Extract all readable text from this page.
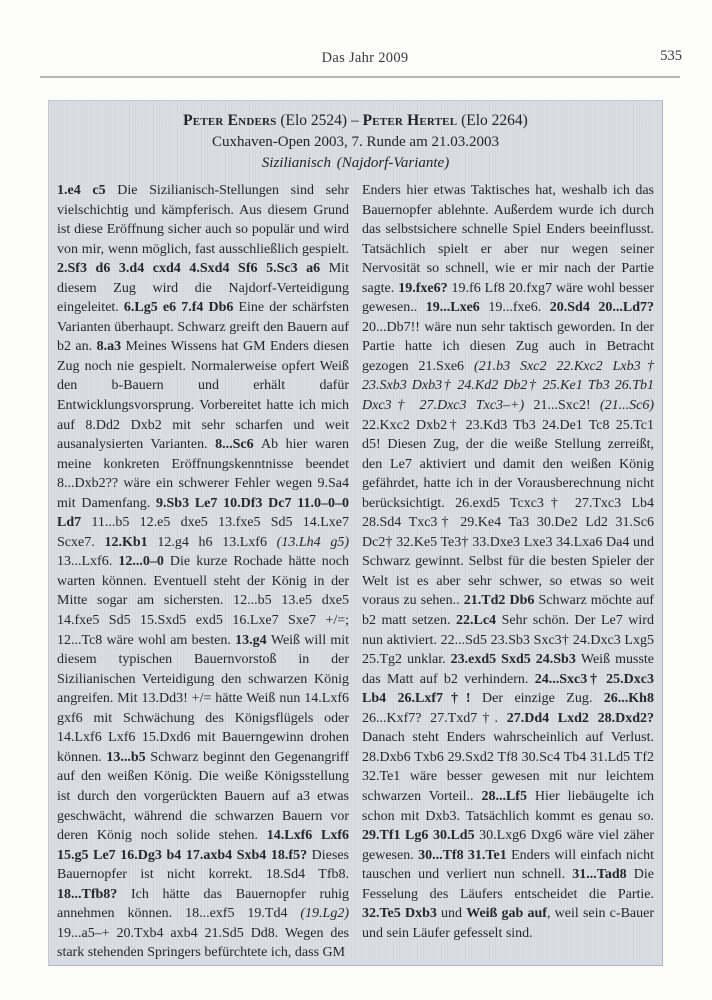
Das Jahr 2009	535
Peter Enders (Elo 2524) – Peter Hertel (Elo 2264)
Cuxhaven-Open 2003, 7. Runde am 21.03.2003
Sizilianisch (Najdorf-Variante)
1.e4 c5 Die Sizilianisch-Stellungen sind sehr vielschichtig und kämpferisch. Aus diesem Grund ist diese Eröffnung sicher auch so populär und wird von mir, wenn möglich, fast ausschließlich gespielt. 2.Sf3 d6 3.d4 cxd4 4.Sxd4 Sf6 5.Sc3 a6 Mit diesem Zug wird die Najdorf-Verteidigung eingeleitet. 6.Lg5 e6 7.f4 Db6 Eine der schärfsten Varianten überhaupt. Schwarz greift den Bauern auf b2 an. 8.a3 Meines Wissens hat GM Enders diesen Zug noch nie gespielt. Normalerweise opfert Weiß den b-Bauern und erhält dafür Entwicklungsvorsprung. Vorbereitet hatte ich mich auf 8.Dd2 Dxb2 mit sehr scharfen und weit ausanalysierten Varianten. 8...Sc6 Ab hier waren meine konkreten Eröffnungskenntnisse beendet 8...Dxb2?? wäre ein schwerer Fehler wegen 9.Sa4 mit Damenfang. 9.Sb3 Le7 10.Df3 Dc7 11.0–0–0 Ld7 11...b5 12.e5 dxe5 13.fxe5 Sd5 14.Lxe7 Scxe7. 12.Kb1 12.g4 h6 13.Lxf6 (13.Lh4 g5) 13...Lxf6. 12...0–0 Die kurze Rochade hätte noch warten können. Eventuell steht der König in der Mitte sogar am sichersten. 12...b5 13.e5 dxe5 14.fxe5 Sd5 15.Sxd5 exd5 16.Lxe7 Sxe7 +/=; 12...Tc8 wäre wohl am besten. 13.g4 Weiß will mit diesem typischen Bauernvorstoß in der Sizilianischen Verteidigung den schwarzen König angreifen. Mit 13.Dd3! +/= hätte Weiß nun 14.Lxf6 gxf6 mit Schwächung des Königsflügels oder 14.Lxf6 Lxf6 15.Dxd6 mit Bauerngewinn drohen können. 13...b5 Schwarz beginnt den Gegenangriff auf den weißen König. Die weiße Königsstellung ist durch den vorgerückten Bauern auf a3 etwas geschwächt, während die schwarzen Bauern vor deren König noch solide stehen. 14.Lxf6 Lxf6 15.g5 Le7 16.Dg3 b4 17.axb4 Sxb4 18.f5? Dieses Bauernopfer ist nicht korrekt. 18.Sd4 Tfb8. 18...Tfb8? Ich hätte das Bauernopfer ruhig annehmen können. 18...exf5 19.Td4 (19.Lg2) 19...a5–+ 20.Txb4 axb4 21.Sd5 Dd8. Wegen des stark stehenden Springers befürchtete ich, dass GM
Enders hier etwas Taktisches hat, weshalb ich das Bauernopfer ablehnte. Außerdem wurde ich durch das selbstsichere schnelle Spiel Enders beeinflusst. Tatsächlich spielt er aber nur wegen seiner Nervosität so schnell, wie er mir nach der Partie sagte. 19.fxe6? 19.f6 Lf8 20.fxg7 wäre wohl besser gewesen.. 19...Lxe6 19...fxe6. 20.Sd4 20...Ld7? 20...Db7!! wäre nun sehr taktisch geworden. In der Partie hatte ich diesen Zug auch in Betracht gezogen 21.Sxe6 (21.b3 Sxc2 22.Kxc2 Lxb3† 23.Sxb3 Dxb3† 24.Kd2 Db2† 25.Ke1 Tb3 26.Tb1 Dxc3† 27.Dxc3 Txc3–+) 21...Sxc2! (21...Sc6) 22.Kxc2 Dxb2† 23.Kd3 Tb3 24.De1 Tc8 25.Tc1 d5! Diesen Zug, der die weiße Stellung zerreißt, den Le7 aktiviert und damit den weißen König gefährdet, hatte ich in der Vorausberechnung nicht berücksichtigt. 26.exd5 Tcxc3† 27.Txc3 Lb4 28.Sd4 Txc3† 29.Ke4 Ta3 30.De2 Ld2 31.Sc6 Dc2† 32.Ke5 Te3† 33.Dxe3 Lxe3 34.Lxa6 Da4 und Schwarz gewinnt. Selbst für die besten Spieler der Welt ist es aber sehr schwer, so etwas so weit voraus zu sehen.. 21.Td2 Db6 Schwarz möchte auf b2 matt setzen. 22.Lc4 Sehr schön. Der Le7 wird nun aktiviert. 22...Sd5 23.Sb3 Sxc3† 24.Dxc3 Lxg5 25.Tg2 unklar. 23.exd5 Sxd5 24.Sb3 Weiß musste das Matt auf b2 verhindern. 24...Sxc3† 25.Dxc3 Lb4 26.Lxf7†! Der einzige Zug. 26...Kh8 26...Kxf7? 27.Txd7†. 27.Dd4 Lxd2 28.Dxd2? Danach steht Enders wahrscheinlich auf Verlust. 28.Dxb6 Txb6 29.Sxd2 Tf8 30.Sc4 Tb4 31.Ld5 Tf2 32.Te1 wäre besser gewesen mit nur leichtem schwarzen Vorteil.. 28...Lf5 Hier liebäugelte ich schon mit Dxb3. Tatsächlich kommt es genau so. 29.Tf1 Lg6 30.Ld5 30.Lxg6 Dxg6 wäre viel zäher gewesen. 30...Tf8 31.Te1 Enders will einfach nicht tauschen und verliert nun schnell. 31...Tad8 Die Fesselung des Läufers entscheidet die Partie. 32.Te5 Dxb3 und Weiß gab auf, weil sein c-Bauer und sein Läufer gefesselt sind.
